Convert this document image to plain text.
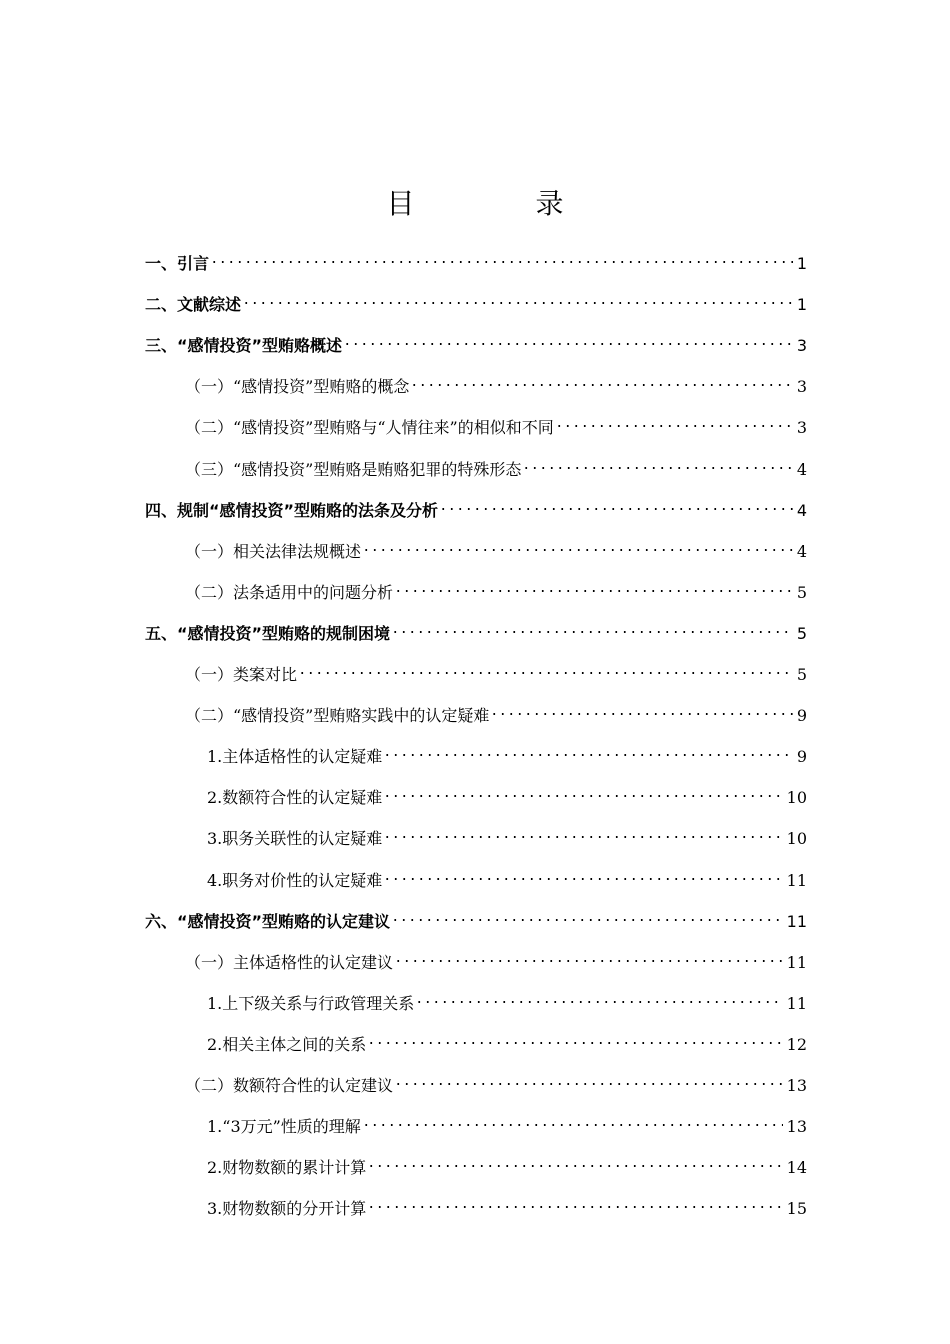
目 录
一、引言	1
二、文献综述	1
三、“感情投资”型贿赂概述	3
（一）“感情投资”型贿赂的概念	3
（二）“感情投资”型贿赂与“人情往来”的相似和不同	3
（三）“感情投资”型贿赂是贿赂犯罪的特殊形态	4
四、规制“感情投资”型贿赂的法条及分析	4
（一）相关法律法规概述	4
（二）法条适用中的问题分析	5
五、“感情投资”型贿赂的规制困境	5
（一）类案对比	5
（二）“感情投资”型贿赂实践中的认定疑难	9
1.主体适格性的认定疑难	9
2.数额符合性的认定疑难	10
3.职务关联性的认定疑难	10
4.职务对价性的认定疑难	11
六、“感情投资”型贿赂的认定建议	11
（一）主体适格性的认定建议	11
1.上下级关系与行政管理关系	11
2.相关主体之间的关系	12
（二）数额符合性的认定建议	13
1.“3万元”性质的理解	13
2.财物数额的累计计算	14
3.财物数额的分开计算	15
